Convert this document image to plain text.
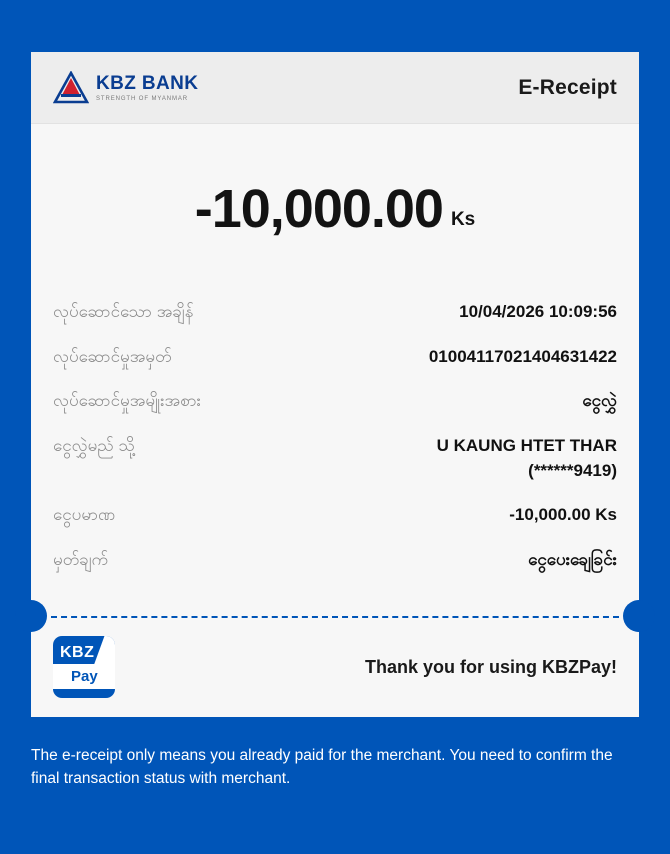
KBZ BANK
STRENGTH OF MYANMAR	E-Receipt
-10,000.00 Ks
လုပ်ဆောင်သော အချိန်	10/04/2026 10:09:56
လုပ်ဆောင်မှုအမှတ်	01004117021404631422
လုပ်ဆောင်မှုအမျိုးအစား	ငွေလွှဲ
ငွေလွှဲမည် သို့	U KAUNG HTET THAR
(******9419)
ငွေပမာဏ	-10,000.00 Ks
မှတ်ချက်	ငွေပေးချေခြင်း
KBZ
Pay	Thank you for using KBZPay!
The e-receipt only means you already paid for the merchant. You need to confirm the final transaction status with merchant.
